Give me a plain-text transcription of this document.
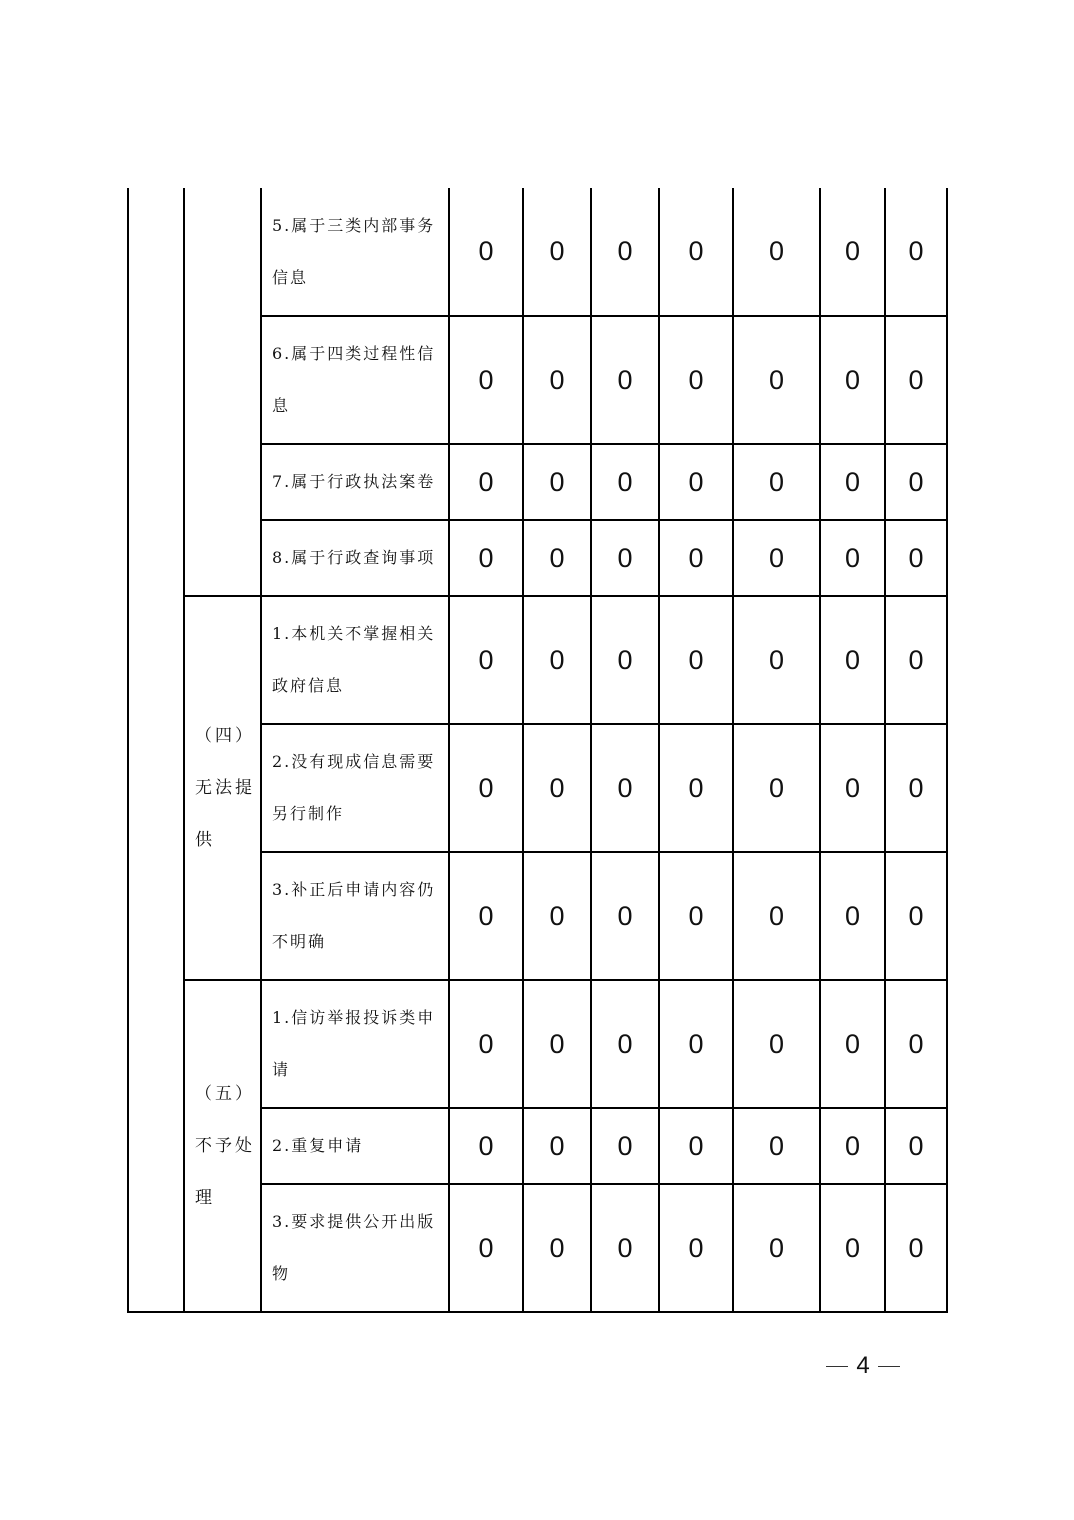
		5.属于三类内部事务信息	0	0	0	0	0	0	0
		6.属于四类过程性信息	0	0	0	0	0	0	0
		7.属于行政执法案卷	0	0	0	0	0	0	0
		8.属于行政查询事项	0	0	0	0	0	0	0
	（四）无法提供	1.本机关不掌握相关政府信息	0	0	0	0	0	0	0
		2.没有现成信息需要另行制作	0	0	0	0	0	0	0
		3.补正后申请内容仍不明确	0	0	0	0	0	0	0
	（五）不予处理	1.信访举报投诉类申请	0	0	0	0	0	0	0
		2.重复申请	0	0	0	0	0	0	0
		3.要求提供公开出版物	0	0	0	0	0	0	0
4
